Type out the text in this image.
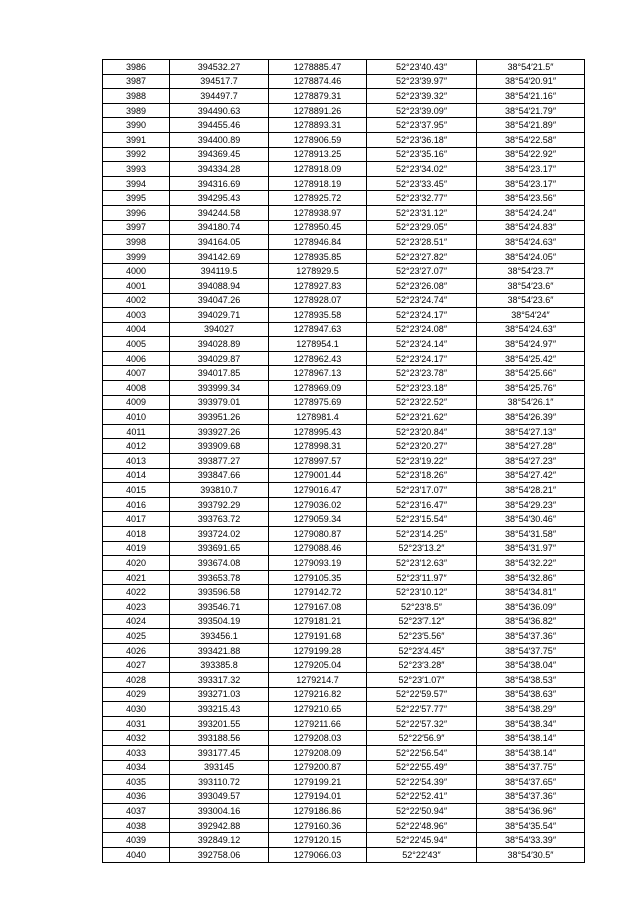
3986	394532.27	1278885.47	52°23′40.43″	38°54′21.5″
3987	394517.7	1278874.46	52°23′39.97″	38°54′20.91″
3988	394497.7	1278879.31	52°23′39.32″	38°54′21.16″
3989	394490.63	1278891.26	52°23′39.09″	38°54′21.79″
3990	394455.46	1278893.31	52°23′37.95″	38°54′21.89″
3991	394400.89	1278906.59	52°23′36.18″	38°54′22.58″
3992	394369.45	1278913.25	52°23′35.16″	38°54′22.92″
3993	394334.28	1278918.09	52°23′34.02″	38°54′23.17″
3994	394316.69	1278918.19	52°23′33.45″	38°54′23.17″
3995	394295.43	1278925.72	52°23′32.77″	38°54′23.56″
3996	394244.58	1278938.97	52°23′31.12″	38°54′24.24″
3997	394180.74	1278950.45	52°23′29.05″	38°54′24.83″
3998	394164.05	1278946.84	52°23′28.51″	38°54′24.63″
3999	394142.69	1278935.85	52°23′27.82″	38°54′24.05″
4000	394119.5	1278929.5	52°23′27.07″	38°54′23.7″
4001	394088.94	1278927.83	52°23′26.08″	38°54′23.6″
4002	394047.26	1278928.07	52°23′24.74″	38°54′23.6″
4003	394029.71	1278935.58	52°23′24.17″	38°54′24″
4004	394027	1278947.63	52°23′24.08″	38°54′24.63″
4005	394028.89	1278954.1	52°23′24.14″	38°54′24.97″
4006	394029.87	1278962.43	52°23′24.17″	38°54′25.42″
4007	394017.85	1278967.13	52°23′23.78″	38°54′25.66″
4008	393999.34	1278969.09	52°23′23.18″	38°54′25.76″
4009	393979.01	1278975.69	52°23′22.52″	38°54′26.1″
4010	393951.26	1278981.4	52°23′21.62″	38°54′26.39″
4011	393927.26	1278995.43	52°23′20.84″	38°54′27.13″
4012	393909.68	1278998.31	52°23′20.27″	38°54′27.28″
4013	393877.27	1278997.57	52°23′19.22″	38°54′27.23″
4014	393847.66	1279001.44	52°23′18.26″	38°54′27.42″
4015	393810.7	1279016.47	52°23′17.07″	38°54′28.21″
4016	393792.29	1279036.02	52°23′16.47″	38°54′29.23″
4017	393763.72	1279059.34	52°23′15.54″	38°54′30.46″
4018	393724.02	1279080.87	52°23′14.25″	38°54′31.58″
4019	393691.65	1279088.46	52°23′13.2″	38°54′31.97″
4020	393674.08	1279093.19	52°23′12.63″	38°54′32.22″
4021	393653.78	1279105.35	52°23′11.97″	38°54′32.86″
4022	393596.58	1279142.72	52°23′10.12″	38°54′34.81″
4023	393546.71	1279167.08	52°23′8.5″	38°54′36.09″
4024	393504.19	1279181.21	52°23′7.12″	38°54′36.82″
4025	393456.1	1279191.68	52°23′5.56″	38°54′37.36″
4026	393421.88	1279199.28	52°23′4.45″	38°54′37.75″
4027	393385.8	1279205.04	52°23′3.28″	38°54′38.04″
4028	393317.32	1279214.7	52°23′1.07″	38°54′38.53″
4029	393271.03	1279216.82	52°22′59.57″	38°54′38.63″
4030	393215.43	1279210.65	52°22′57.77″	38°54′38.29″
4031	393201.55	1279211.66	52°22′57.32″	38°54′38.34″
4032	393188.56	1279208.03	52°22′56.9″	38°54′38.14″
4033	393177.45	1279208.09	52°22′56.54″	38°54′38.14″
4034	393145	1279200.87	52°22′55.49″	38°54′37.75″
4035	393110.72	1279199.21	52°22′54.39″	38°54′37.65″
4036	393049.57	1279194.01	52°22′52.41″	38°54′37.36″
4037	393004.16	1279186.86	52°22′50.94″	38°54′36.96″
4038	392942.88	1279160.36	52°22′48.96″	38°54′35.54″
4039	392849.12	1279120.15	52°22′45.94″	38°54′33.39″
4040	392758.06	1279066.03	52°22′43″	38°54′30.5″
